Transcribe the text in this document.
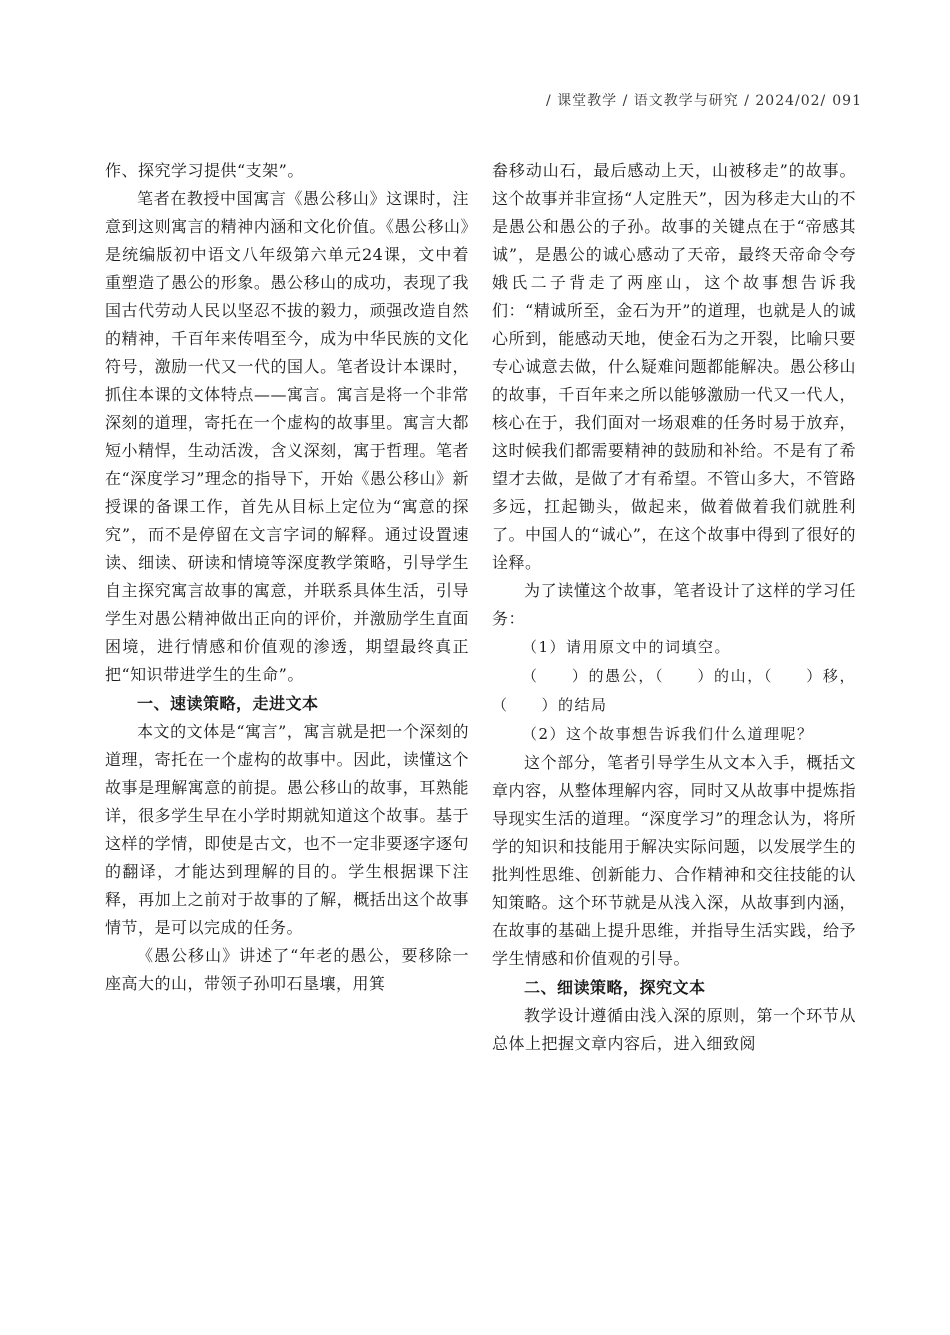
/ 课堂教学 / 语文教学与研究 / 2024/02/ 091

作、探究学习提供“支架”。

笔者在教授中国寓言《愚公移山》这课时，注意到这则寓言的精神内涵和文化价值。《愚公移山》是统编版初中语文八年级第六单元24课，文中着重塑造了愚公的形象。愚公移山的成功，表现了我国古代劳动人民以坚忍不拔的毅力，顽强改造自然的精神，千百年来传唱至今，成为中华民族的文化符号，激励一代又一代的国人。笔者设计本课时，抓住本课的文体特点——寓言。寓言是将一个非常深刻的道理，寄托在一个虚构的故事里。寓言大都短小精悍，生动活泼，含义深刻，寓于哲理。笔者在“深度学习”理念的指导下，开始《愚公移山》新授课的备课工作，首先从目标上定位为“寓意的探究”，而不是停留在文言字词的解释。通过设置速读、细读、研读和情境等深度教学策略，引导学生自主探究寓言故事的寓意，并联系具体生活，引导学生对愚公精神做出正向的评价，并激励学生直面困境，进行情感和价值观的渗透，期望最终真正把“知识带进学生的生命”。

一、速读策略，走进文本

本文的文体是“寓言”，寓言就是把一个深刻的道理，寄托在一个虚构的故事中。因此，读懂这个故事是理解寓意的前提。愚公移山的故事，耳熟能详，很多学生早在小学时期就知道这个故事。基于这样的学情，即使是古文，也不一定非要逐字逐句的翻译，才能达到理解的目的。学生根据课下注释，再加上之前对于故事的了解，概括出这个故事情节，是可以完成的任务。

《愚公移山》讲述了“年老的愚公，要移除一座高大的山，带领子孙叩石垦壤，用箕

畚移动山石，最后感动上天，山被移走”的故事。这个故事并非宣扬“人定胜天”，因为移走大山的不是愚公和愚公的子孙。故事的关键点在于“帝感其诚”，是愚公的诚心感动了天帝，最终天帝命令夸娥氏二子背走了两座山，这个故事想告诉我们：“精诚所至，金石为开”的道理，也就是人的诚心所到，能感动天地，使金石为之开裂，比喻只要专心诚意去做，什么疑难问题都能解决。愚公移山的故事，千百年来之所以能够激励一代又一代人，核心在于，我们面对一场艰难的任务时易于放弃，这时候我们都需要精神的鼓励和补给。不是有了希望才去做，是做了才有希望。不管山多大，不管路多远，扛起锄头，做起来，做着做着我们就胜利了。中国人的“诚心”，在这个故事中得到了很好的诠释。

为了读懂这个故事，笔者设计了这样的学习任务：

（1）请用原文中的词填空。

（　　）的愚公，（　　）的山，（　　）移，（　　）的结局

（2）这个故事想告诉我们什么道理呢？

这个部分，笔者引导学生从文本入手，概括文章内容，从整体理解内容，同时又从故事中提炼指导现实生活的道理。“深度学习”的理念认为，将所学的知识和技能用于解决实际问题，以发展学生的批判性思维、创新能力、合作精神和交往技能的认知策略。这个环节就是从浅入深，从故事到内涵，在故事的基础上提升思维，并指导生活实践，给予学生情感和价值观的引导。

二、细读策略，探究文本

教学设计遵循由浅入深的原则，第一个环节从总体上把握文章内容后，进入细致阅
